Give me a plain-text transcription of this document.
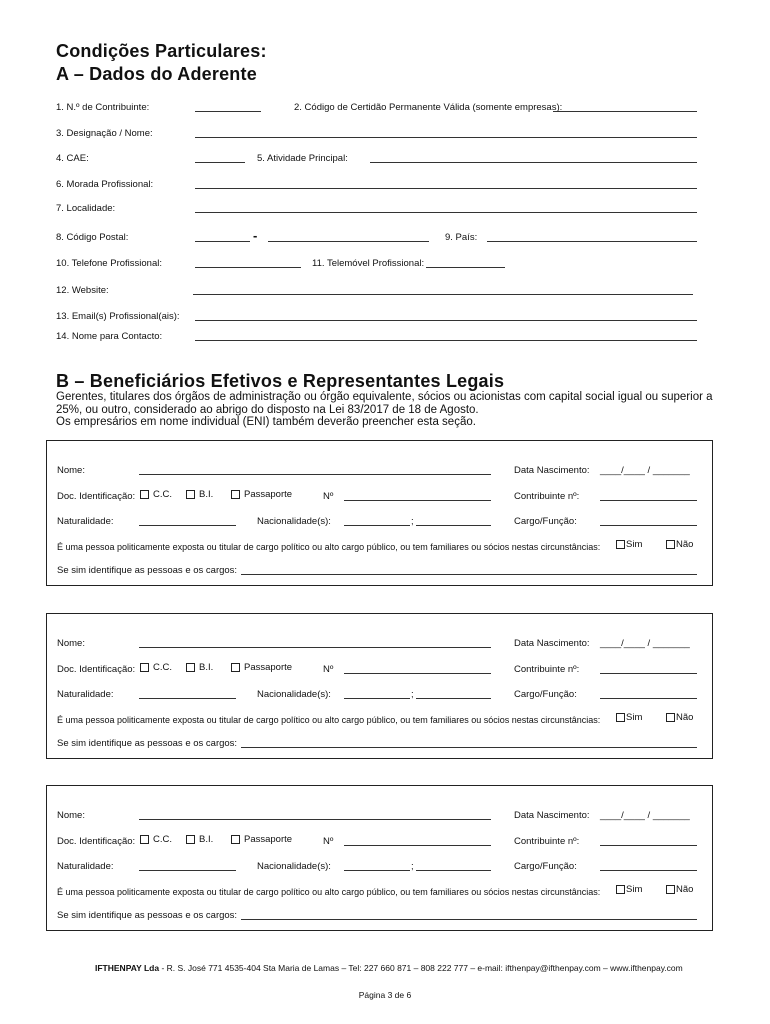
Condições Particulares:
A – Dados do Aderente
1. N.º de Contribuinte:	2. Código de Certidão Permanente Válida (somente empresas):
3. Designação / Nome:
4. CAE:	5. Atividade Principal:
6. Morada Profissional:
7. Localidade:
8. Código Postal:	-	9. País:
10. Telefone Profissional:	11. Telemóvel Profissional:
12. Website:
13. Email(s) Profissional(ais):
14. Nome para Contacto:
B – Beneficiários Efetivos e Representantes Legais
Gerentes, titulares dos órgãos de administração ou órgão equivalente, sócios ou acionistas com capital social igual ou superior a
25%, ou outro, considerado ao abrigo do disposto na Lei 83/2017 de 18 de Agosto.
Os empresários em nome individual (ENI) também deverão preencher esta seção.
Nome:	Data Nascimento: ____/____ / _______
Doc. Identificação:	C.C.	B.I.	Passaporte	Nº	Contribuinte nº:
Naturalidade:	Nacionalidade(s):	;	Cargo/Função:
É uma pessoa politicamente exposta ou titular de cargo político ou alto cargo público, ou tem familiares ou sócios nestas circunstâncias:	Sim	Não
Se sim identifique as pessoas e os cargos:
Nome:	Data Nascimento: ____/____ / _______
Doc. Identificação:	C.C.	B.I.	Passaporte	Nº	Contribuinte nº:
Naturalidade:	Nacionalidade(s):	;	Cargo/Função:
É uma pessoa politicamente exposta ou titular de cargo político ou alto cargo público, ou tem familiares ou sócios nestas circunstâncias:	Sim	Não
Se sim identifique as pessoas e os cargos:
Nome:	Data Nascimento: ____/____ / _______
Doc. Identificação:	C.C.	B.I.	Passaporte	Nº	Contribuinte nº:
Naturalidade:	Nacionalidade(s):	;	Cargo/Função:
É uma pessoa politicamente exposta ou titular de cargo político ou alto cargo público, ou tem familiares ou sócios nestas circunstâncias:	Sim	Não
Se sim identifique as pessoas e os cargos:
IFTHENPAY Lda - R. S. José 771 4535-404 Sta Maria de Lamas – Tel: 227 660 871 – 808 222 777 – e-mail: ifthenpay@ifthenpay.com – www.ifthenpay.com
Página 3 de 6
